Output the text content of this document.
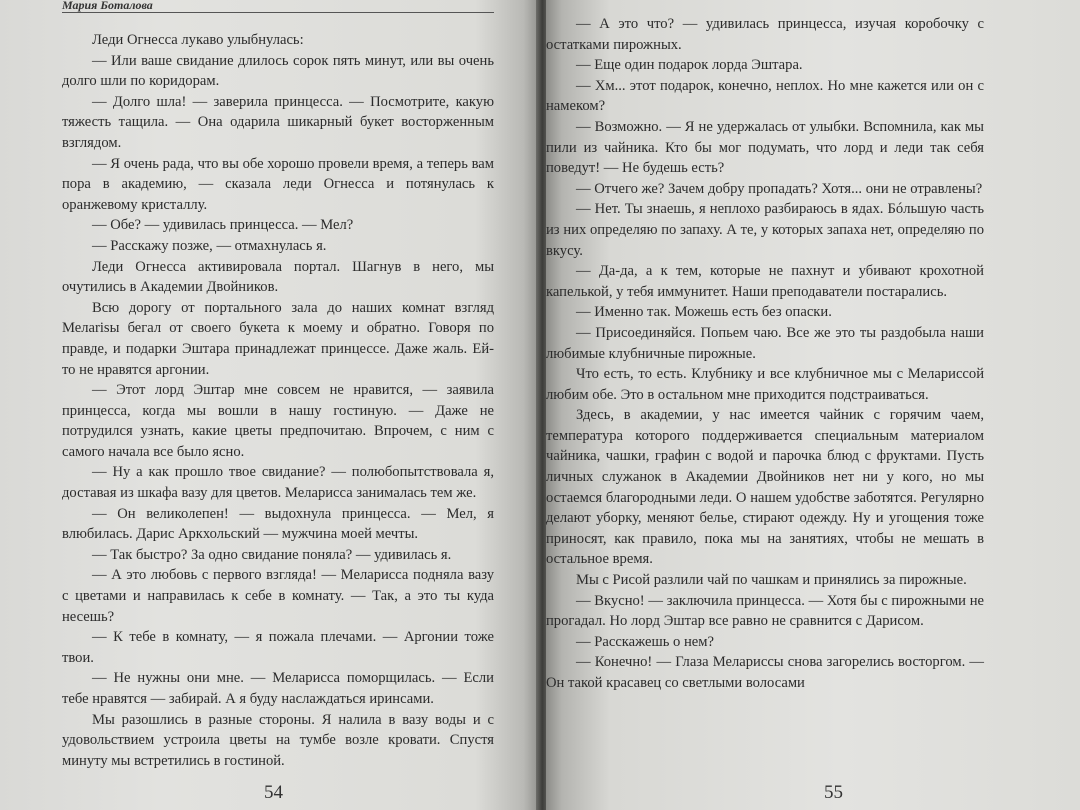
Мария Боталова

Леди Огнесса лукаво улыбнулась:

— Или ваше свидание длилось сорок пять минут, или вы очень долго шли по коридорам.

— Долго шла! — заверила принцесса. — Посмотрите, какую тяжесть тащила. — Она одарила шикарный букет восторженным взглядом.

— Я очень рада, что вы обе хорошо провели время, а теперь вам пора в академию, — сказала леди Огнесса и потянулась к оранжевому кристаллу.

— Обе? — удивилась принцесса. — Мел?

— Расскажу позже, — отмахнулась я.

Леди Огнесса активировала портал. Шагнув в него, мы очутились в Академии Двойников.

Всю дорогу от портального зала до наших комнат взгляд Мелarisы бегал от своего букета к моему и обратно. Говоря по правде, и подарки Эштара принадлежат принцессе. Даже жаль. Ей-то не нравятся аргонии.

— Этот лорд Эштар мне совсем не нравится, — заявила принцесса, когда мы вошли в нашу гостиную. — Даже не потрудился узнать, какие цветы предпочитаю. Впрочем, с ним с самого начала все было ясно.

— Ну а как прошло твое свидание? — полюбопытствовала я, доставая из шкафа вазу для цветов. Меларисса занималась тем же.

— Он великолепен! — выдохнула принцесса. — Мел, я влюбилась. Дарис Аркхольский — мужчина моей мечты.

— Так быстро? За одно свидание поняла? — удивилась я.

— А это любовь с первого взгляда! — Меларисса подняла вазу с цветами и направилась к себе в комнату. — Так, а это ты куда несешь?

— К тебе в комнату, — я пожала плечами. — Аргонии тоже твои.

— Не нужны они мне. — Меларисса поморщилась. — Если тебе нравятся — забирай. А я буду наслаждаться иринсами.

Мы разошлись в разные стороны. Я налила в вазу воды и с удовольствием устроила цветы на тумбе возле кровати. Спустя минуту мы встретились в гостиной.

54

— А это что? — удивилась принцесса, изучая коробочку с остатками пирожных.

— Еще один подарок лорда Эштара.

— Хм... этот подарок, конечно, неплох. Но мне кажется или он с намеком?

— Возможно. — Я не удержалась от улыбки. Вспомнила, как мы пили из чайника. Кто бы мог подумать, что лорд и леди так себя поведут! — Не будешь есть?

— Отчего же? Зачем добру пропадать? Хотя... они не отравлены?

— Нет. Ты знаешь, я неплохо разбираюсь в ядах. Бóльшую часть из них определяю по запаху. А те, у которых запаха нет, определяю по вкусу.

— Да-да, а к тем, которые не пахнут и убивают крохотной капелькой, у тебя иммунитет. Наши преподаватели постарались.

— Именно так. Можешь есть без опаски.

— Присоединяйся. Попьем чаю. Все же это ты раздобыла наши любимые клубничные пирожные.

Что есть, то есть. Клубнику и все клубничное мы с Мелариссой любим обе. Это в остальном мне приходится подстраиваться.

Здесь, в академии, у нас имеется чайник с горячим чаем, температура которого поддерживается специальным материалом чайника, чашки, графин с водой и парочка блюд с фруктами. Пусть личных служанок в Академии Двойников нет ни у кого, но мы остаемся благородными леди. О нашем удобстве заботятся. Регулярно делают уборку, меняют белье, стирают одежду. Ну и угощения тоже приносят, как правило, пока мы на занятиях, чтобы не мешать в остальное время.

Мы с Рисой разлили чай по чашкам и принялись за пирожные.

— Вкусно! — заключила принцесса. — Хотя бы с пирожными не прогадал. Но лорд Эштар все равно не сравнится с Дарисом.

— Расскажешь о нем?

— Конечно! — Глаза Мелариссы снова загорелись восторгом. — Он такой красавец со светлыми волосами

55
